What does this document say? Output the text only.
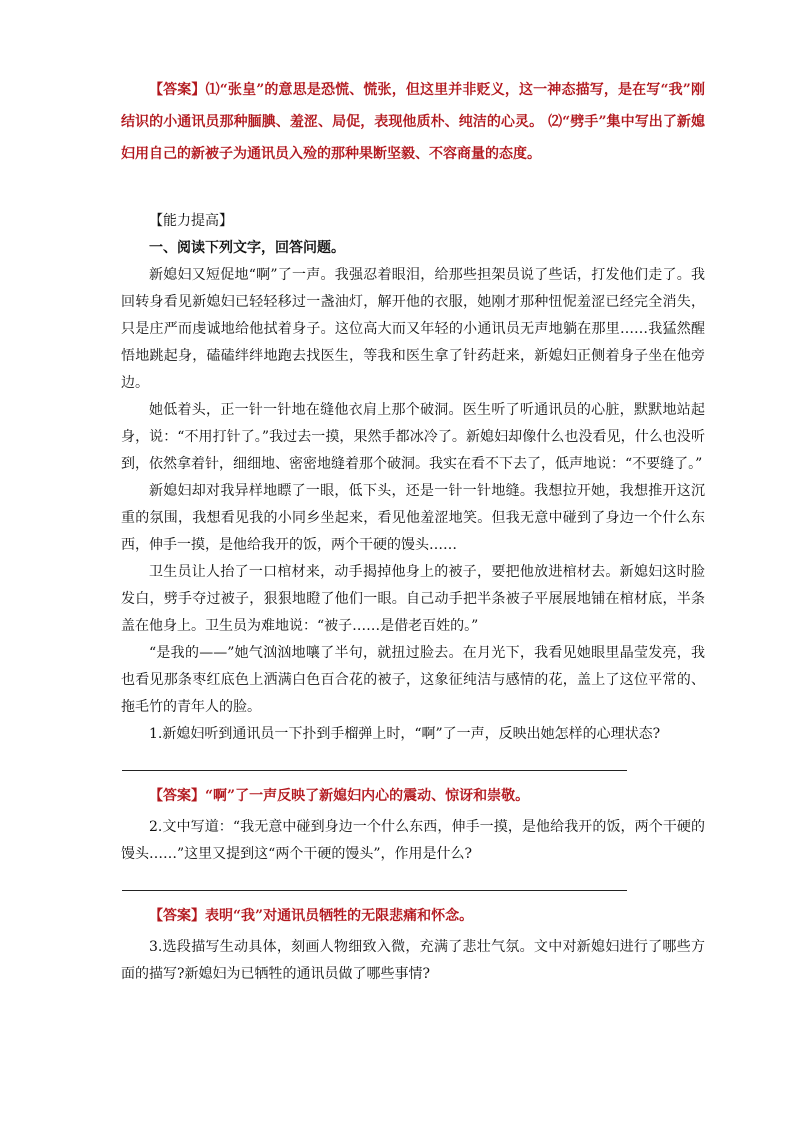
【答案】⑴“张皇”的意思是恐慌、慌张，但这里并非贬义，这一神态描写，是在写“我”刚结识的小通讯员那种腼腆、羞涩、局促，表现他质朴、纯洁的心灵。 ⑵“劈手”集中写出了新媳妇用自己的新被子为通讯员入殓的那种果断坚毅、不容商量的态度。

【能力提高】

一、阅读下列文字，回答问题。

新媳妇又短促地“啊”了一声。我强忍着眼泪，给那些担架员说了些话，打发他们走了。我回转身看见新媳妇已轻轻移过一盏油灯，解开他的衣服，她刚才那种忸怩羞涩已经完全消失，只是庄严而虔诚地给他拭着身子。这位高大而又年轻的小通讯员无声地躺在那里……我猛然醒悟地跳起身，磕磕绊绊地跑去找医生，等我和医生拿了针药赶来，新媳妇正侧着身子坐在他旁边。

她低着头，正一针一针地在缝他衣肩上那个破洞。医生听了听通讯员的心脏，默默地站起身，说：“不用打针了。”我过去一摸，果然手都冰冷了。新媳妇却像什么也没看见，什么也没听到，依然拿着针，细细地、密密地缝着那个破洞。我实在看不下去了，低声地说：“不要缝了。”

新媳妇却对我异样地瞟了一眼，低下头，还是一针一针地缝。我想拉开她，我想推开这沉重的氛围，我想看见我的小同乡坐起来，看见他羞涩地笑。但我无意中碰到了身边一个什么东西，伸手一摸，是他给我开的饭，两个干硬的馒头……

卫生员让人抬了一口棺材来，动手揭掉他身上的被子，要把他放进棺材去。新媳妇这时脸发白，劈手夺过被子，狠狠地瞪了他们一眼。自己动手把半条被子平展展地铺在棺材底，半条盖在他身上。卫生员为难地说：“被子……是借老百姓的。”

“是我的——”她气汹汹地嚷了半句，就扭过脸去。在月光下，我看见她眼里晶莹发亮，我也看见那条枣红底色上洒满白色百合花的被子，这象征纯洁与感情的花，盖上了这位平常的、拖毛竹的青年人的脸。

1.新媳妇听到通讯员一下扑到手榴弹上时，“啊”了一声，反映出她怎样的心理状态?

【答案】“啊”了一声反映了新媳妇内心的震动、惊讶和崇敬。

2.文中写道：“我无意中碰到身边一个什么东西，伸手一摸，是他给我开的饭，两个干硬的馒头……”这里又提到这“两个干硬的馒头”，作用是什么?

【答案】表明“我”对通讯员牺牲的无限悲痛和怀念。

3.选段描写生动具体，刻画人物细致入微，充满了悲壮气氛。文中对新媳妇进行了哪些方面的描写?新媳妇为已牺牲的通讯员做了哪些事情?
